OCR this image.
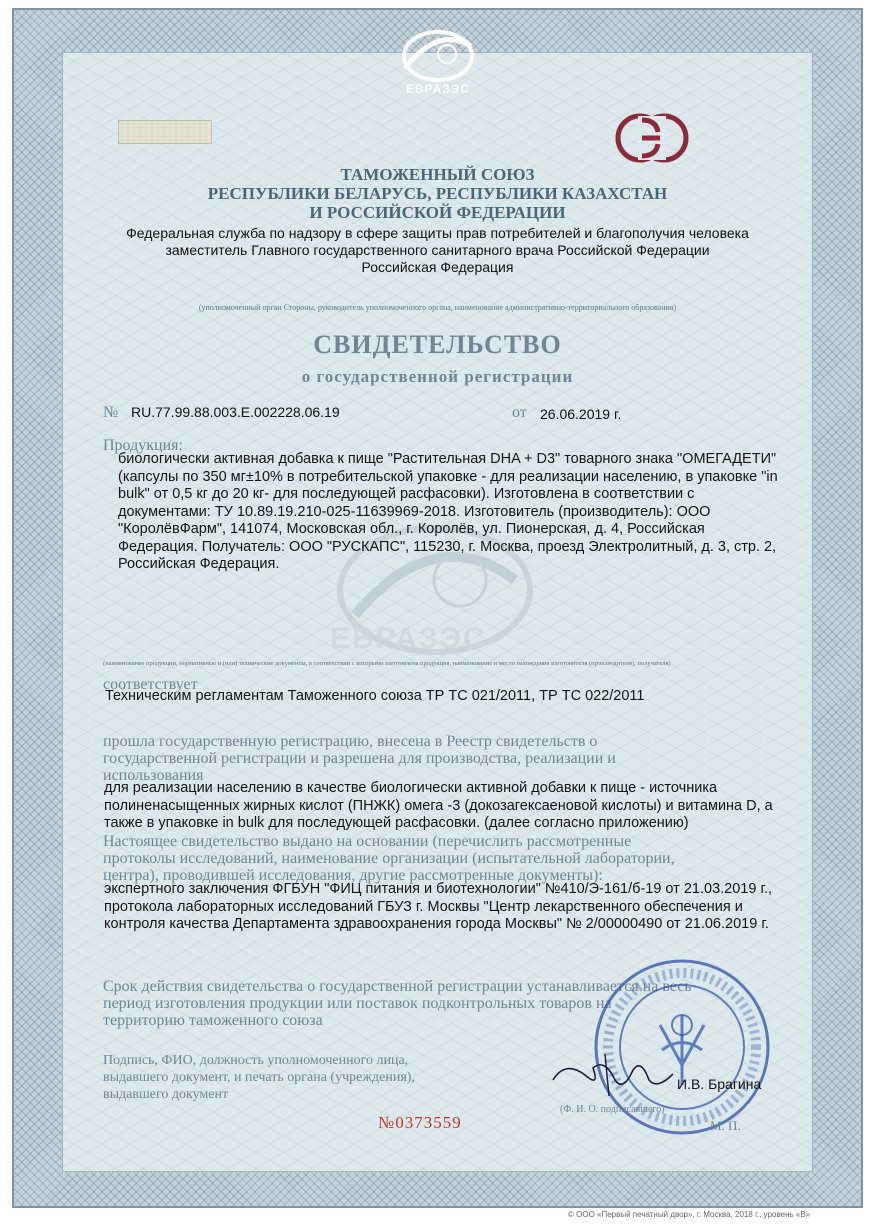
ЕВРАЗЭС
ЕВРАЗЭС
ТАМОЖЕННЫЙ СОЮЗ
РЕСПУБЛИКИ БЕЛАРУСЬ, РЕСПУБЛИКИ КАЗАХСТАН
И РОССИЙСКОЙ ФЕДЕРАЦИИ
Федеральная служба по надзору в сфере защиты прав потребителей и благополучия человека
заместитель Главного государственного санитарного врача Российской Федерации
Российская Федерация
(уполномоченный орган Стороны, руководитель уполномоченного органа, наименование административно-территориального образования)
СВИДЕТЕЛЬСТВО
о государственной регистрации
№ RU.77.99.88.003.Е.002228.06.19	от 26.06.2019 г.
Продукция:
биологически активная добавка к пище "Растительная DHA + D3" товарного знака "ОМЕГАДЕТИ"
(капсулы по 350 мг±10% в потребительской упаковке - для реализации населению, в упаковке "in
bulk" от 0,5 кг до 20 кг- для последующей расфасовки). Изготовлена в соответствии с
документами: ТУ 10.89.19.210-025-11639969-2018. Изготовитель (производитель): ООО
"КоролёвФарм", 141074, Московская обл., г. Королёв, ул. Пионерская, д. 4, Российская
Федерация. Получатель: ООО "РУСКАПС", 115230, г. Москва, проезд Электролитный, д. 3, стр. 2,
Российская Федерация.
(наименование продукции, нормативные и (или) технические документы, в соответствии с которыми изготовлена продукция, наименование и место нахождения изготовителя (производителя), получателя)
соответствует
Техническим регламентам Таможенного союза ТР ТС 021/2011, ТР ТС 022/2011
прошла государственную регистрацию, внесена в Реестр свидетельств о
государственной регистрации и разрешена для производства, реализации и
использования
для реализации населению в качестве биологически активной добавки к пище - источника
полиненасыщенных жирных кислот (ПНЖК) омега -3 (докозагексаеновой кислоты) и витамина D, а
также в упаковке in bulk для последующей расфасовки. (далее согласно приложению)
Настоящее свидетельство выдано на основании (перечислить рассмотренные
протоколы исследований, наименование организации (испытательной лаборатории,
центра), проводившей исследования, другие рассмотренные документы):
экспертного заключения ФГБУН "ФИЦ питания и биотехнологии" №410/Э-161/б-19 от 21.03.2019 г.,
протокола лабораторных исследований ГБУЗ г. Москвы "Центр лекарственного обеспечения и
контроля качества Департамента здравоохранения города Москвы" № 2/00000490 от 21.06.2019 г.
Срок действия свидетельства о государственной регистрации устанавливается на весь
период изготовления продукции или поставок подконтрольных товаров на
территорию таможенного союза
Подпись, ФИО, должность уполномоченного лица,
выдавшего документ, и печать органа (учреждения),
выдавшего документ
И.В. Брагина
(Ф. И. О. подписавшего)
М. П.
№0373559
© ООО «Первый печатный двор», г. Москва, 2018 г., уровень «В»
